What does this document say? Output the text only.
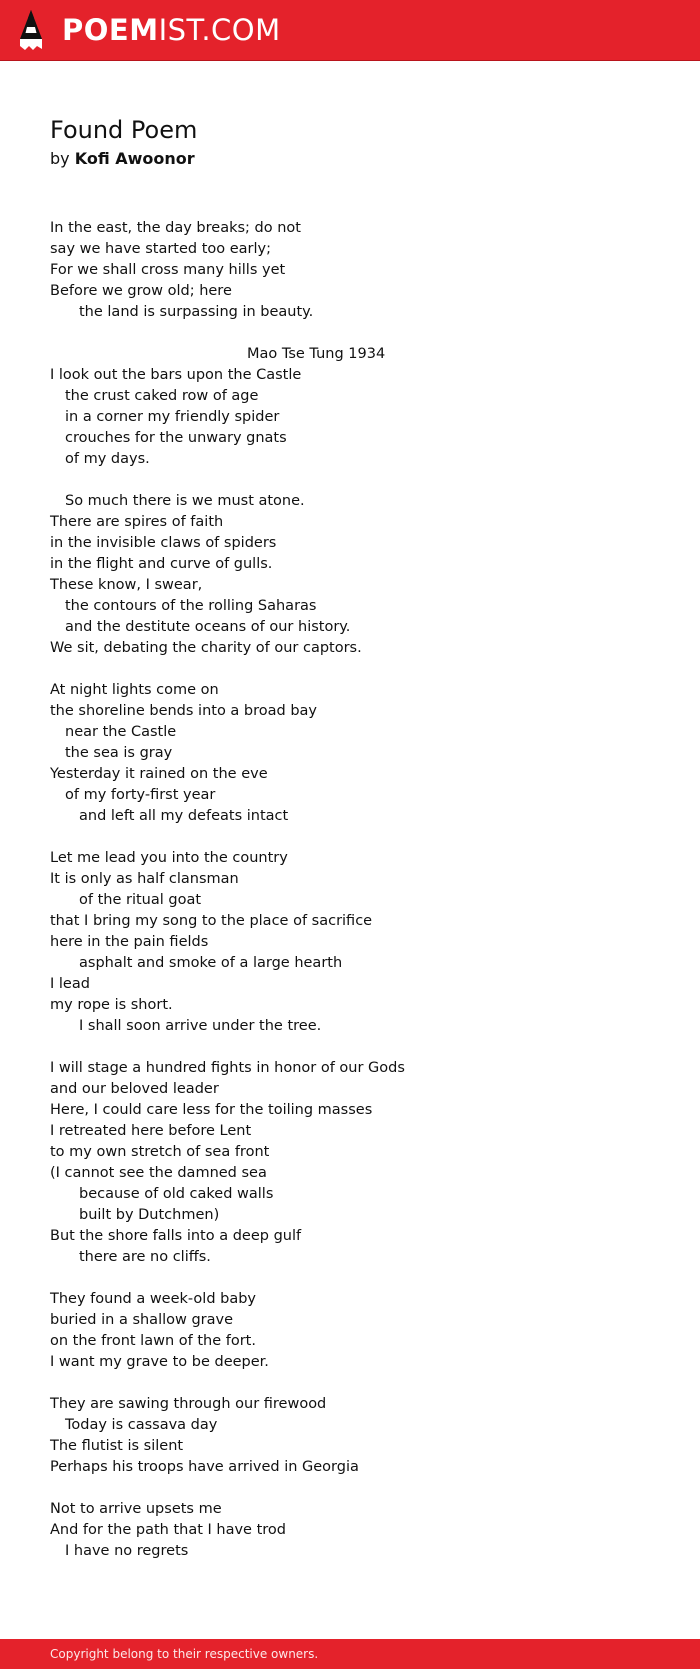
POEMIST.COM
Found Poem

by Kofi Awoonor

In the east, the day breaks; do not
say we have started too early;
For we shall cross many hills yet
Before we grow old; here
the land is surpassing in beauty.
Mao Tse Tung 1934
I look out the bars upon the Castle
the crust caked row of age
in a corner my friendly spider
crouches for the unwary gnats
of my days.
So much there is we must atone.
There are spires of faith
in the invisible claws of spiders
in the flight and curve of gulls.
These know, I swear,
the contours of the rolling Saharas
and the destitute oceans of our history.
We sit, debating the charity of our captors.
At night lights come on
the shoreline bends into a broad bay
near the Castle
the sea is gray
Yesterday it rained on the eve
of my forty-first year
and left all my defeats intact
Let me lead you into the country
It is only as half clansman
of the ritual goat
that I bring my song to the place of sacrifice
here in the pain fields
asphalt and smoke of a large hearth
I lead
my rope is short.
I shall soon arrive under the tree.
I will stage a hundred fights in honor of our Gods
and our beloved leader
Here, I could care less for the toiling masses
I retreated here before Lent
to my own stretch of sea front
(I cannot see the damned sea
because of old caked walls
built by Dutchmen)
But the shore falls into a deep gulf
there are no cliffs.
They found a week-old baby
buried in a shallow grave
on the front lawn of the fort.
I want my grave to be deeper.
They are sawing through our firewood
Today is cassava day
The flutist is silent
Perhaps his troops have arrived in Georgia
Not to arrive upsets me
And for the path that I have trod
I have no regrets
Copyright belong to their respective owners.
